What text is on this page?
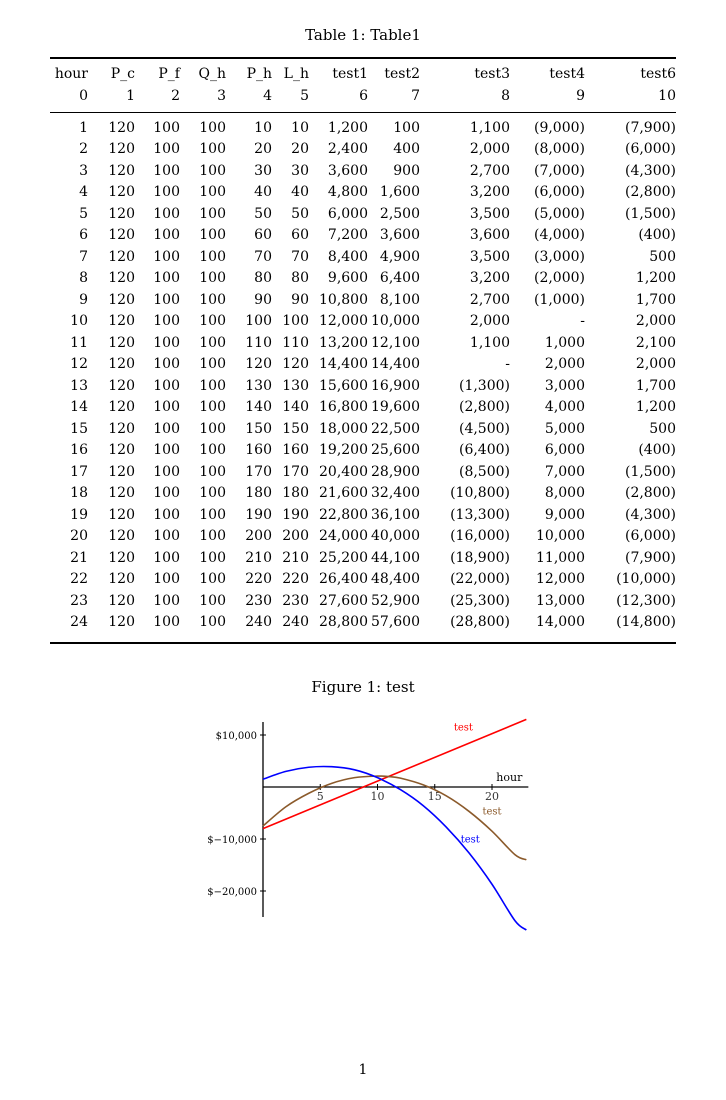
Table 1: Table1
hour	P_c	P_f	Q_h	P_h	L_h	test1	test2	test3	test4	test6
0	1	2	3	4	5	6	7	8	9	10
1	120	100	100	10	10	1,200	100	1,100	(9,000)	(7,900)
2	120	100	100	20	20	2,400	400	2,000	(8,000)	(6,000)
3	120	100	100	30	30	3,600	900	2,700	(7,000)	(4,300)
4	120	100	100	40	40	4,800	1,600	3,200	(6,000)	(2,800)
5	120	100	100	50	50	6,000	2,500	3,500	(5,000)	(1,500)
6	120	100	100	60	60	7,200	3,600	3,600	(4,000)	(400)
7	120	100	100	70	70	8,400	4,900	3,500	(3,000)	500
8	120	100	100	80	80	9,600	6,400	3,200	(2,000)	1,200
9	120	100	100	90	90	10,800	8,100	2,700	(1,000)	1,700
10	120	100	100	100	100	12,000	10,000	2,000	-	2,000
11	120	100	100	110	110	13,200	12,100	1,100	1,000	2,100
12	120	100	100	120	120	14,400	14,400	-	2,000	2,000
13	120	100	100	130	130	15,600	16,900	(1,300)	3,000	1,700
14	120	100	100	140	140	16,800	19,600	(2,800)	4,000	1,200
15	120	100	100	150	150	18,000	22,500	(4,500)	5,000	500
16	120	100	100	160	160	19,200	25,600	(6,400)	6,000	(400)
17	120	100	100	170	170	20,400	28,900	(8,500)	7,000	(1,500)
18	120	100	100	180	180	21,600	32,400	(10,800)	8,000	(2,800)
19	120	100	100	190	190	22,800	36,100	(13,300)	9,000	(4,300)
20	120	100	100	200	200	24,000	40,000	(16,000)	10,000	(6,000)
21	120	100	100	210	210	25,200	44,100	(18,900)	11,000	(7,900)
22	120	100	100	220	220	26,400	48,400	(22,000)	12,000	(10,000)
23	120	100	100	230	230	27,600	52,900	(25,300)	13,000	(12,300)
24	120	100	100	240	240	28,800	57,600	(28,800)	14,000	(14,800)
Figure 1: test
5	10	15	20
$10,000
$−10,000
$−20,000
hour
test
test
test
1
